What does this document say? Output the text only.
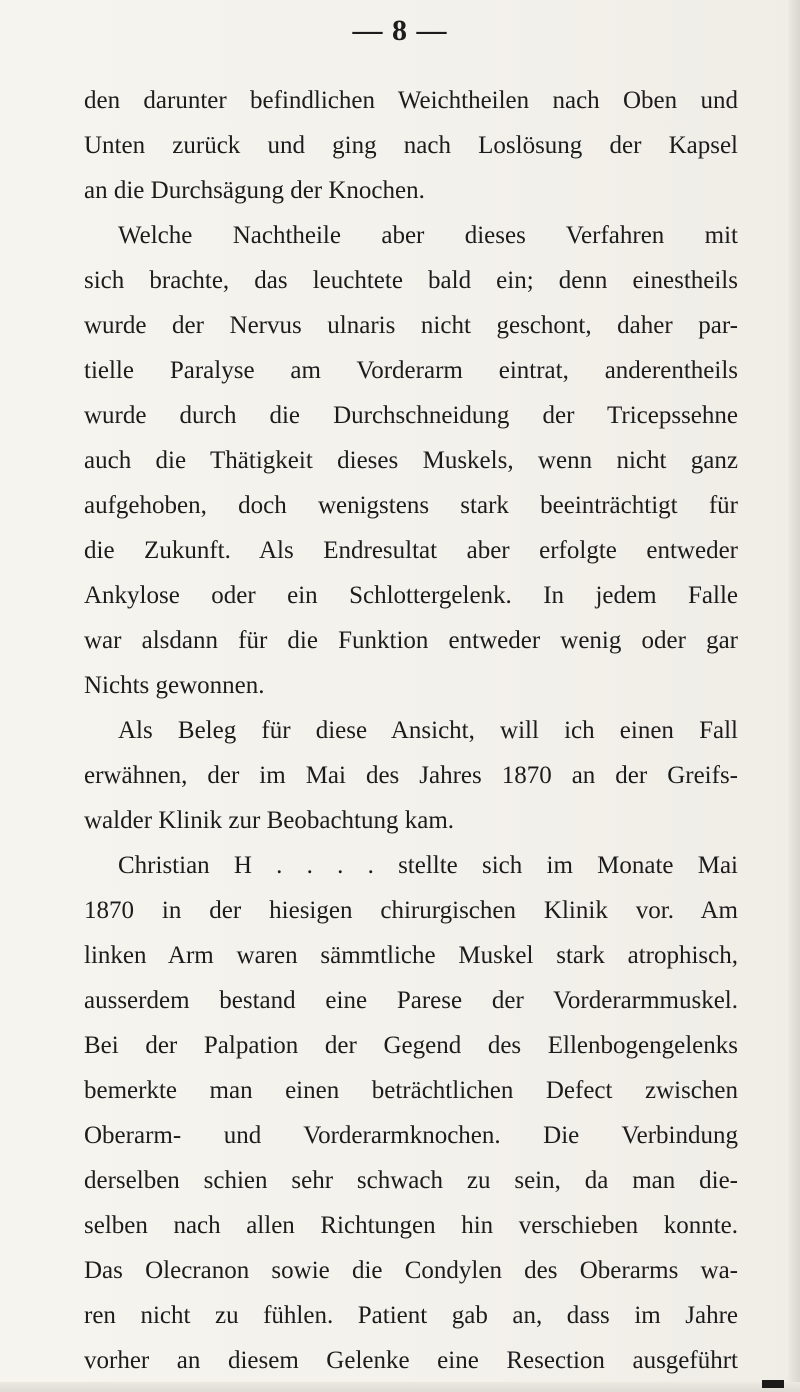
— 8 —
den darunter befindlichen Weichtheilen nach Oben und
Unten zurück und ging nach Loslösung der Kapsel
an die Durchsägung der Knochen.
Welche Nachtheile aber dieses Verfahren mit
sich brachte, das leuchtete bald ein; denn einestheils
wurde der Nervus ulnaris nicht geschont, daher par-
tielle Paralyse am Vorderarm eintrat, anderentheils
wurde durch die Durchschneidung der Tricepssehne
auch die Thätigkeit dieses Muskels, wenn nicht ganz
aufgehoben, doch wenigstens stark beeinträchtigt für
die Zukunft. Als Endresultat aber erfolgte entweder
Ankylose oder ein Schlottergelenk. In jedem Falle
war alsdann für die Funktion entweder wenig oder gar
Nichts gewonnen.
Als Beleg für diese Ansicht, will ich einen Fall
erwähnen, der im Mai des Jahres 1870 an der Greifs-
walder Klinik zur Beobachtung kam.
Christian H . . . . stellte sich im Monate Mai
1870 in der hiesigen chirurgischen Klinik vor. Am
linken Arm waren sämmtliche Muskel stark atrophisch,
ausserdem bestand eine Parese der Vorderarmmuskel.
Bei der Palpation der Gegend des Ellenbogengelenks
bemerkte man einen beträchtlichen Defect zwischen
Oberarm- und Vorderarmknochen. Die Verbindung
derselben schien sehr schwach zu sein, da man die-
selben nach allen Richtungen hin verschieben konnte.
Das Olecranon sowie die Condylen des Oberarms wa-
ren nicht zu fühlen. Patient gab an, dass im Jahre
vorher an diesem Gelenke eine Resection ausgeführt
